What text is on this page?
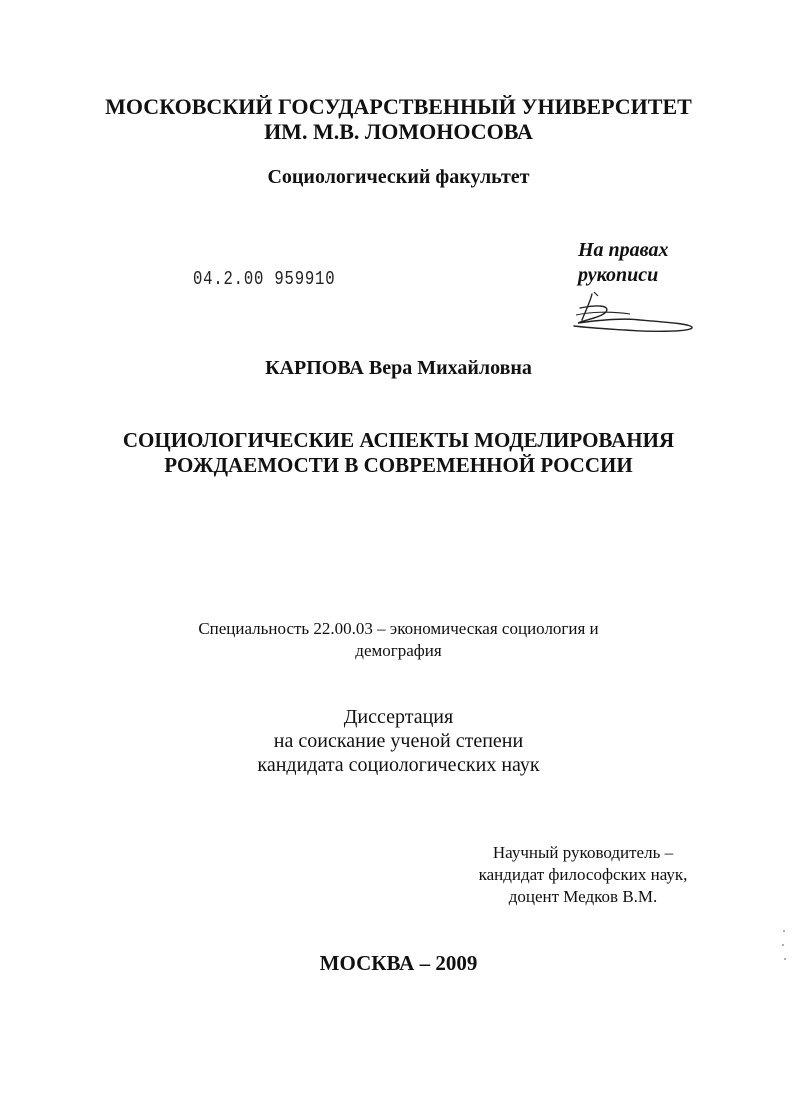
МОСКОВСКИЙ ГОСУДАРСТВЕННЫЙ УНИВЕРСИТЕТ
ИМ. М.В. ЛОМОНОСОВА
Социологический факультет
На правах
рукописи
04.2.00 959910
КАРПОВА Вера Михайловна
СОЦИОЛОГИЧЕСКИЕ АСПЕКТЫ МОДЕЛИРОВАНИЯ
РОЖДАЕМОСТИ В СОВРЕМЕННОЙ РОССИИ
Специальность 22.00.03 – экономическая социология и
демография
Диссертация
на соискание ученой степени
кандидата социологических наук
Научный руководитель –
кандидат философских наук,
доцент Медков В.М.
МОСКВА – 2009
